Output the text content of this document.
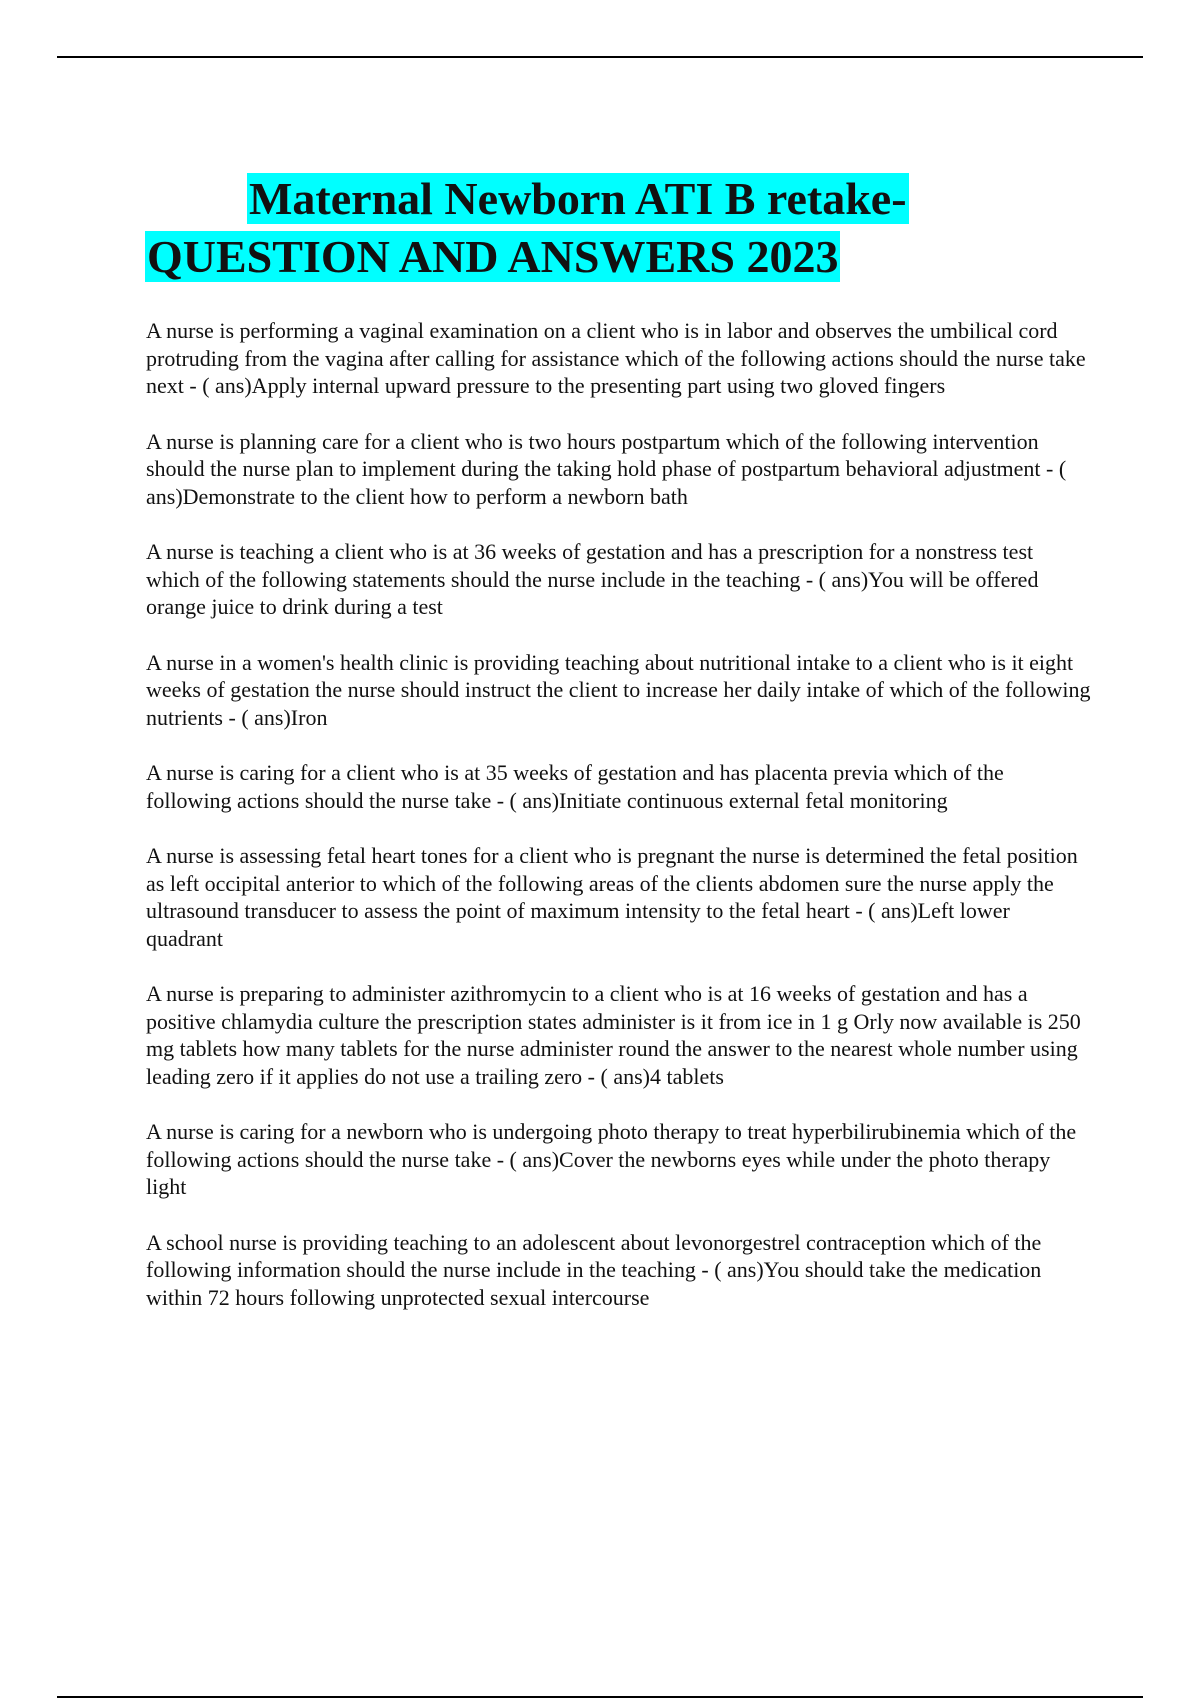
Maternal Newborn ATI B retake-
QUESTION AND ANSWERS 2023

A nurse is performing a vaginal examination on a client who is in labor and observes the umbilical cord protruding from the vagina after calling for assistance which of the following actions should the nurse take next - ( ans)Apply internal upward pressure to the presenting part using two gloved fingers

A nurse is planning care for a client who is two hours postpartum which of the following intervention should the nurse plan to implement during the taking hold phase of postpartum behavioral adjustment - ( ans)Demonstrate to the client how to perform a newborn bath

A nurse is teaching a client who is at 36 weeks of gestation and has a prescription for a nonstress test which of the following statements should the nurse include in the teaching - ( ans)You will be offered orange juice to drink during a test

A nurse in a women's health clinic is providing teaching about nutritional intake to a client who is it eight weeks of gestation the nurse should instruct the client to increase her daily intake of which of the following nutrients - ( ans)Iron

A nurse is caring for a client who is at 35 weeks of gestation and has placenta previa which of the following actions should the nurse take - ( ans)Initiate continuous external fetal monitoring

A nurse is assessing fetal heart tones for a client who is pregnant the nurse is determined the fetal position as left occipital anterior to which of the following areas of the clients abdomen sure the nurse apply the ultrasound transducer to assess the point of maximum intensity to the fetal heart - ( ans)Left lower quadrant

A nurse is preparing to administer azithromycin to a client who is at 16 weeks of gestation and has a positive chlamydia culture the prescription states administer is it from ice in 1 g Orly now available is 250 mg tablets how many tablets for the nurse administer round the answer to the nearest whole number using leading zero if it applies do not use a trailing zero - ( ans)4 tablets

A nurse is caring for a newborn who is undergoing photo therapy to treat hyperbilirubinemia which of the following actions should the nurse take - ( ans)Cover the newborns eyes while under the photo therapy light

A school nurse is providing teaching to an adolescent about levonorgestrel contraception which of the following information should the nurse include in the teaching - ( ans)You should take the medication within 72 hours following unprotected sexual intercourse
